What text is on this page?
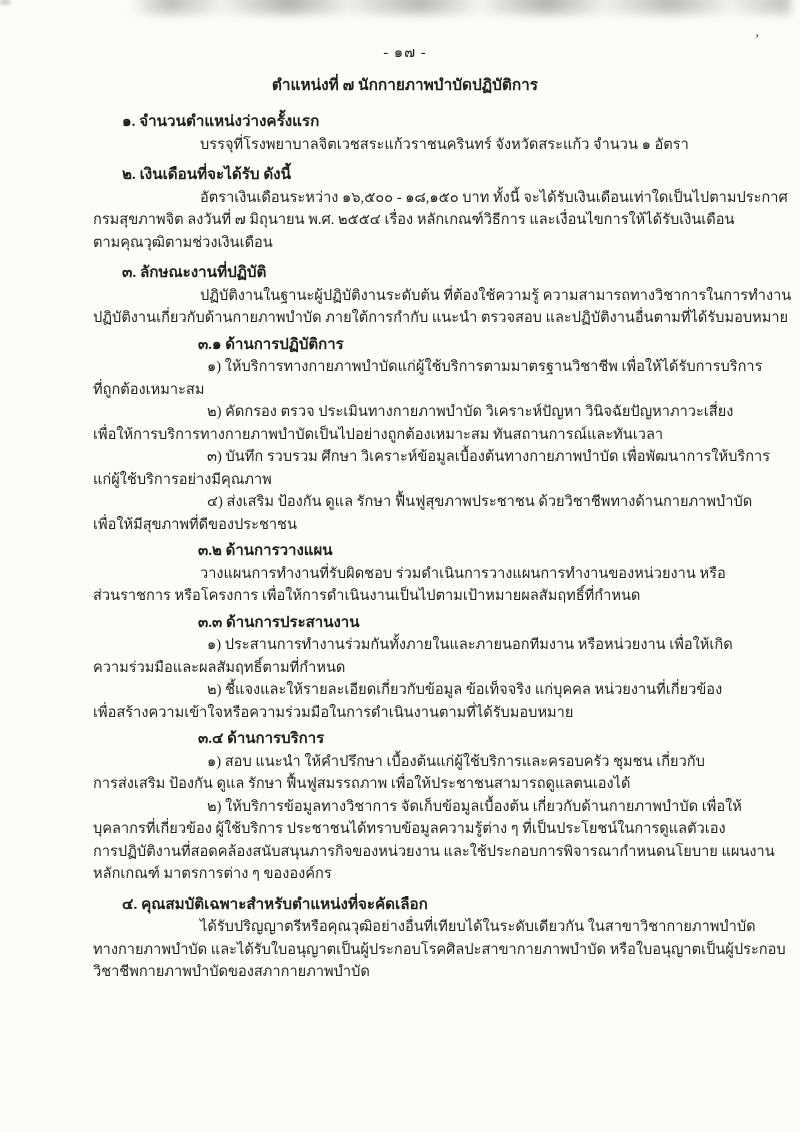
,
- ๑๗ -
ตำแหน่งที่ ๗ นักกายภาพบำบัดปฏิบัติการ
๑. จำนวนตำแหน่งว่างครั้งแรก
บรรจุที่โรงพยาบาลจิตเวชสระแก้วราชนครินทร์ จังหวัดสระแก้ว จำนวน ๑ อัตรา
๒. เงินเดือนที่จะได้รับ ดังนี้
อัตราเงินเดือนระหว่าง ๑๖,๕๐๐ - ๑๘,๑๕๐ บาท ทั้งนี้ จะได้รับเงินเดือนเท่าใดเป็นไปตามประกาศ
กรมสุขภาพจิต ลงวันที่ ๗ มิถุนายน พ.ศ. ๒๕๕๔ เรื่อง หลักเกณฑ์วิธีการ และเงื่อนไขการให้ได้รับเงินเดือน
ตามคุณวุฒิตามช่วงเงินเดือน
๓. ลักษณะงานที่ปฏิบัติ
ปฏิบัติงานในฐานะผู้ปฏิบัติงานระดับต้น ที่ต้องใช้ความรู้ ความสามารถทางวิชาการในการทำงาน
ปฏิบัติงานเกี่ยวกับด้านกายภาพบำบัด ภายใต้การกำกับ แนะนำ ตรวจสอบ และปฏิบัติงานอื่นตามที่ได้รับมอบหมาย
๓.๑ ด้านการปฏิบัติการ
๑) ให้บริการทางกายภาพบำบัดแก่ผู้ใช้บริการตามมาตรฐานวิชาชีพ เพื่อให้ได้รับการบริการ
ที่ถูกต้องเหมาะสม
๒) คัดกรอง ตรวจ ประเมินทางกายภาพบำบัด วิเคราะห์ปัญหา วินิจฉัยปัญหาภาวะเสี่ยง
เพื่อให้การบริการทางกายภาพบำบัดเป็นไปอย่างถูกต้องเหมาะสม ทันสถานการณ์และทันเวลา
๓) บันทึก รวบรวม ศึกษา วิเคราะห์ข้อมูลเบื้องต้นทางกายภาพบำบัด เพื่อพัฒนาการให้บริการ
แก่ผู้ใช้บริการอย่างมีคุณภาพ
๔) ส่งเสริม ป้องกัน ดูแล รักษา ฟื้นฟูสุขภาพประชาชน ด้วยวิชาชีพทางด้านกายภาพบำบัด
เพื่อให้มีสุขภาพที่ดีของประชาชน
๓.๒ ด้านการวางแผน
วางแผนการทำงานที่รับผิดชอบ ร่วมดำเนินการวางแผนการทำงานของหน่วยงาน หรือ
ส่วนราชการ หรือโครงการ เพื่อให้การดำเนินงานเป็นไปตามเป้าหมายผลสัมฤทธิ์ที่กำหนด
๓.๓ ด้านการประสานงาน
๑) ประสานการทำงานร่วมกันทั้งภายในและภายนอกทีมงาน หรือหน่วยงาน เพื่อให้เกิด
ความร่วมมือและผลสัมฤทธิ์ตามที่กำหนด
๒) ชี้แจงและให้รายละเอียดเกี่ยวกับข้อมูล ข้อเท็จจริง แก่บุคคล หน่วยงานที่เกี่ยวข้อง
เพื่อสร้างความเข้าใจหรือความร่วมมือในการดำเนินงานตามที่ได้รับมอบหมาย
๓.๔ ด้านการบริการ
๑) สอบ แนะนำ ให้คำปรึกษา เบื้องต้นแก่ผู้ใช้บริการและครอบครัว ชุมชน เกี่ยวกับ
การส่งเสริม ป้องกัน ดูแล รักษา ฟื้นฟูสมรรถภาพ เพื่อให้ประชาชนสามารถดูแลตนเองได้
๒) ให้บริการข้อมูลทางวิชาการ จัดเก็บข้อมูลเบื้องต้น เกี่ยวกับด้านกายภาพบำบัด เพื่อให้
บุคลากรที่เกี่ยวข้อง ผู้ใช้บริการ ประชาชนได้ทราบข้อมูลความรู้ต่าง ๆ ที่เป็นประโยชน์ในการดูแลตัวเอง
การปฏิบัติงานที่สอดคล้องสนับสนุนภารกิจของหน่วยงาน และใช้ประกอบการพิจารณากำหนดนโยบาย แผนงาน
หลักเกณฑ์ มาตรการต่าง ๆ ขององค์กร
๔. คุณสมบัติเฉพาะสำหรับตำแหน่งที่จะคัดเลือก
ได้รับปริญญาตรีหรือคุณวุฒิอย่างอื่นที่เทียบได้ในระดับเดียวกัน ในสาขาวิชากายภาพบำบัด
ทางกายภาพบำบัด และได้รับใบอนุญาตเป็นผู้ประกอบโรคศิลปะสาขากายภาพบำบัด หรือใบอนุญาตเป็นผู้ประกอบ
วิชาชีพกายภาพบำบัดของสภากายภาพบำบัด
